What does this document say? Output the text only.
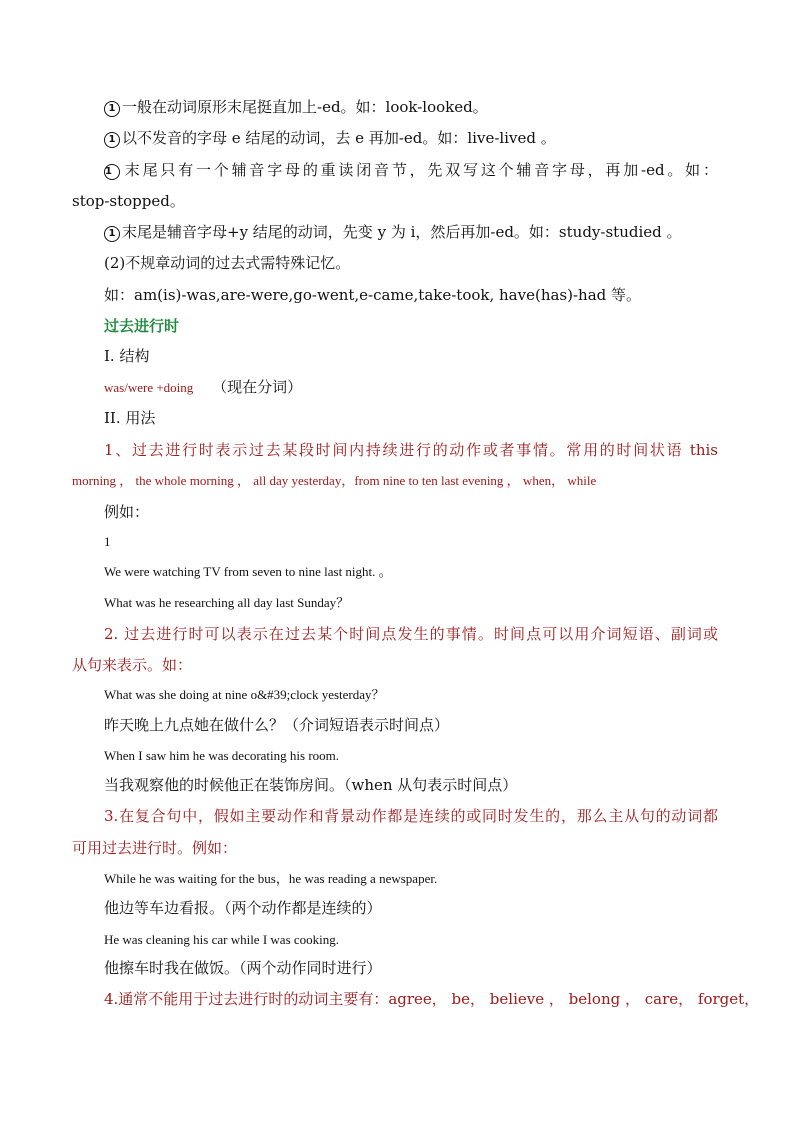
1 一般在动词原形末尾挺直加上-ed。如：look-looked。
1 以不发音的字母 e 结尾的动词，去 e 再加-ed。如：live-lived 。
1 末尾只有一个辅音字母的重读闭音节，先双写这个辅音字母，再加-ed。如：
stop-stopped。
1 末尾是辅音字母+y 结尾的动词，先变 y 为 i，然后再加-ed。如：study-studied 。
(2)不规章动词的过去式需特殊记忆。
如：am(is)-was,are-were,go-went,e-came,take-took, have(has)-had 等。
过去进行时
I. 结构
was/were +doing （现在分词）
II. 用法
1、过去进行时表示过去某段时间内持续进行的动作或者事情。常用的时间状语 this
morning ， the whole morning ， all day yesterday，from nine to ten last evening ， when， while
例如：
1
We were watching TV from seven to nine last night. 。
What was he researching all day last Sunday？
2. 过去进行时可以表示在过去某个时间点发生的事情。时间点可以用介词短语、副词或
从句来表示。如：
What was she doing at nine o&#39;clock yesterday？
昨天晚上九点她在做什么？（介词短语表示时间点）
When I saw him he was decorating his room.
当我观察他的时候他正在装饰房间。（when 从句表示时间点）
3.在复合句中，假如主要动作和背景动作都是连续的或同时发生的，那么主从句的动词都
可用过去进行时。例如：
While he was waiting for the bus，he was reading a newspaper.
他边等车边看报。（两个动作都是连续的）
He was cleaning his car while I was cooking.
他擦车时我在做饭。（两个动作同时进行）
4.通常不能用于过去进行时的动词主要有：agree， be， believe ， belong ， care， forget，
